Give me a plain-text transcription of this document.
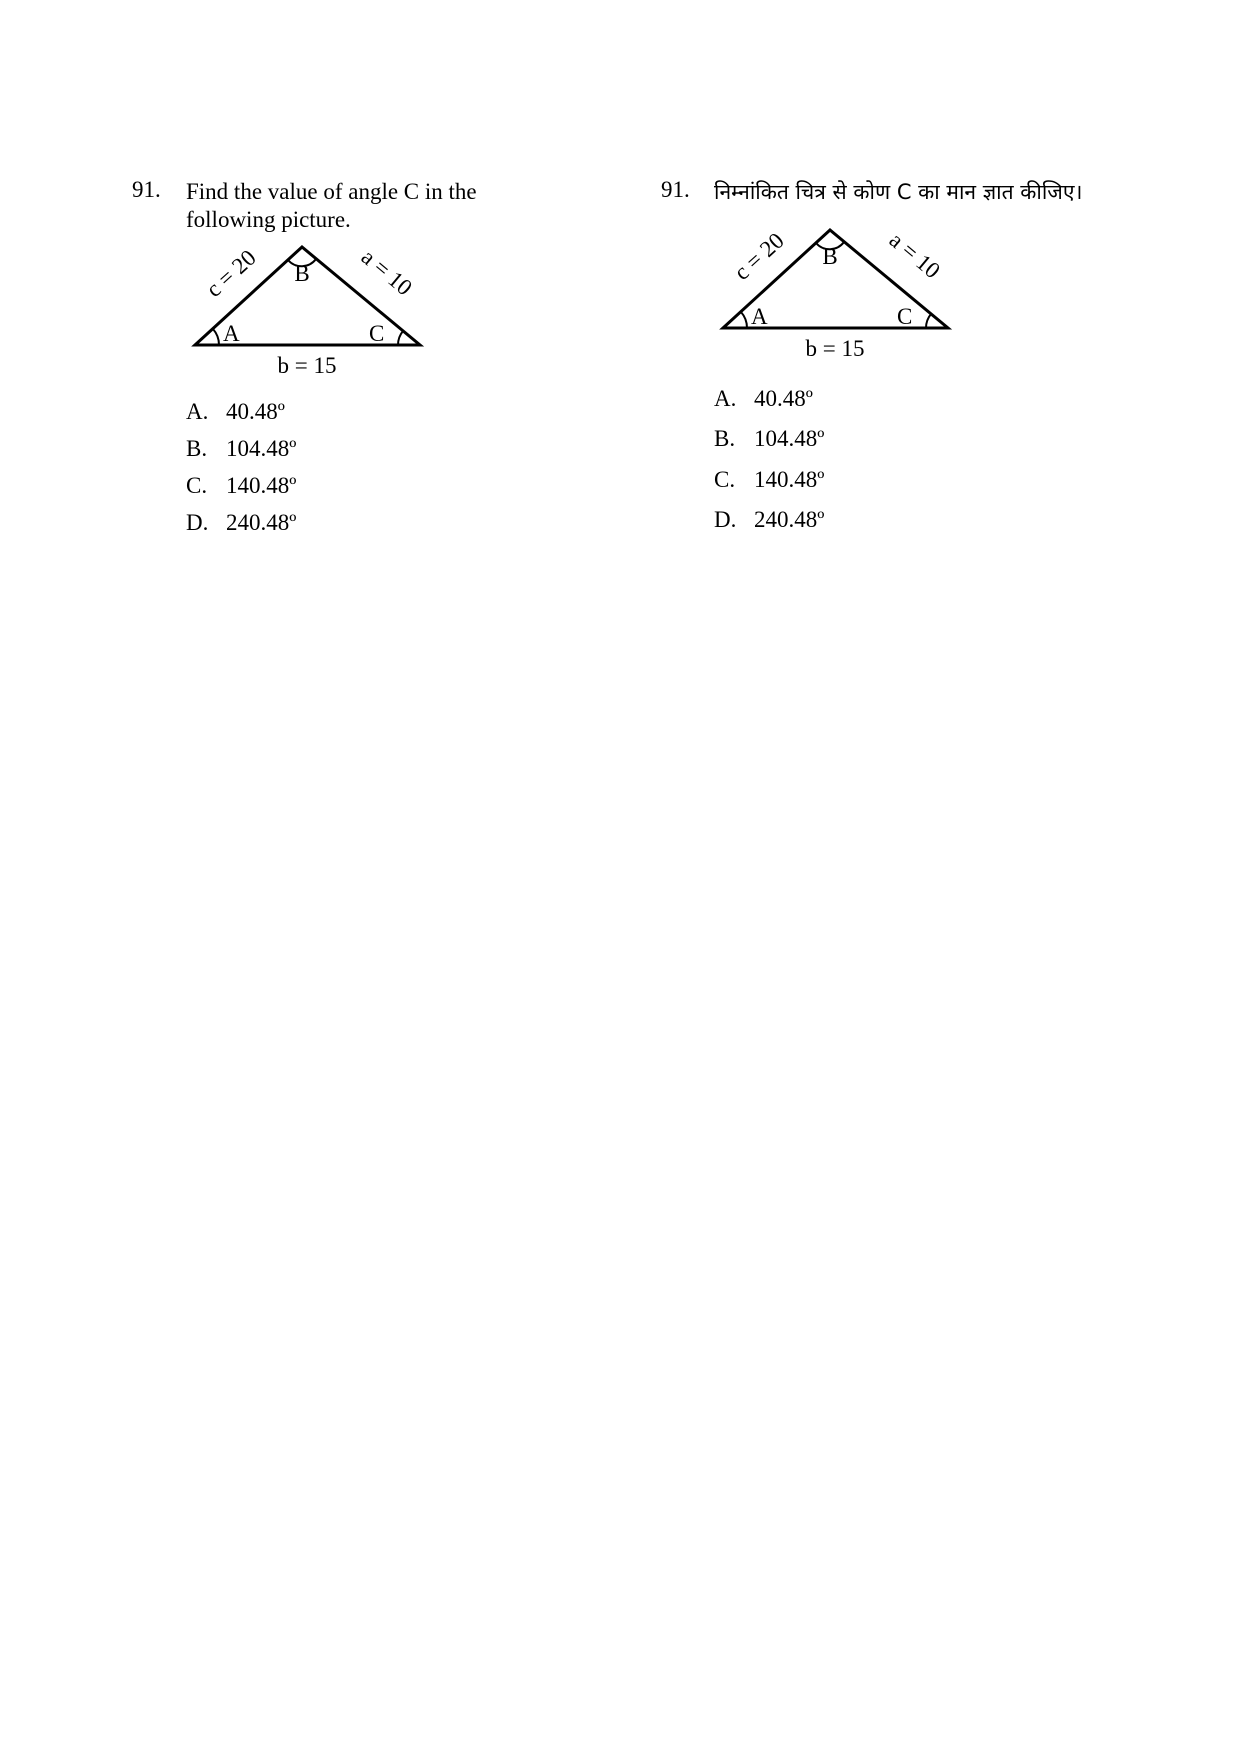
91. Find the value of angle C in the following picture.
c = 20	a = 10
A
B
C
b = 15
A. 40.48º
B. 104.48º
C. 140.48º
D. 240.48º
91. निम्नांकित चित्र से कोण C का मान ज्ञात कीजिए।
c = 20	a = 10
A
B
C
b = 15
A. 40.48º
B. 104.48º
C. 140.48º
D. 240.48º
